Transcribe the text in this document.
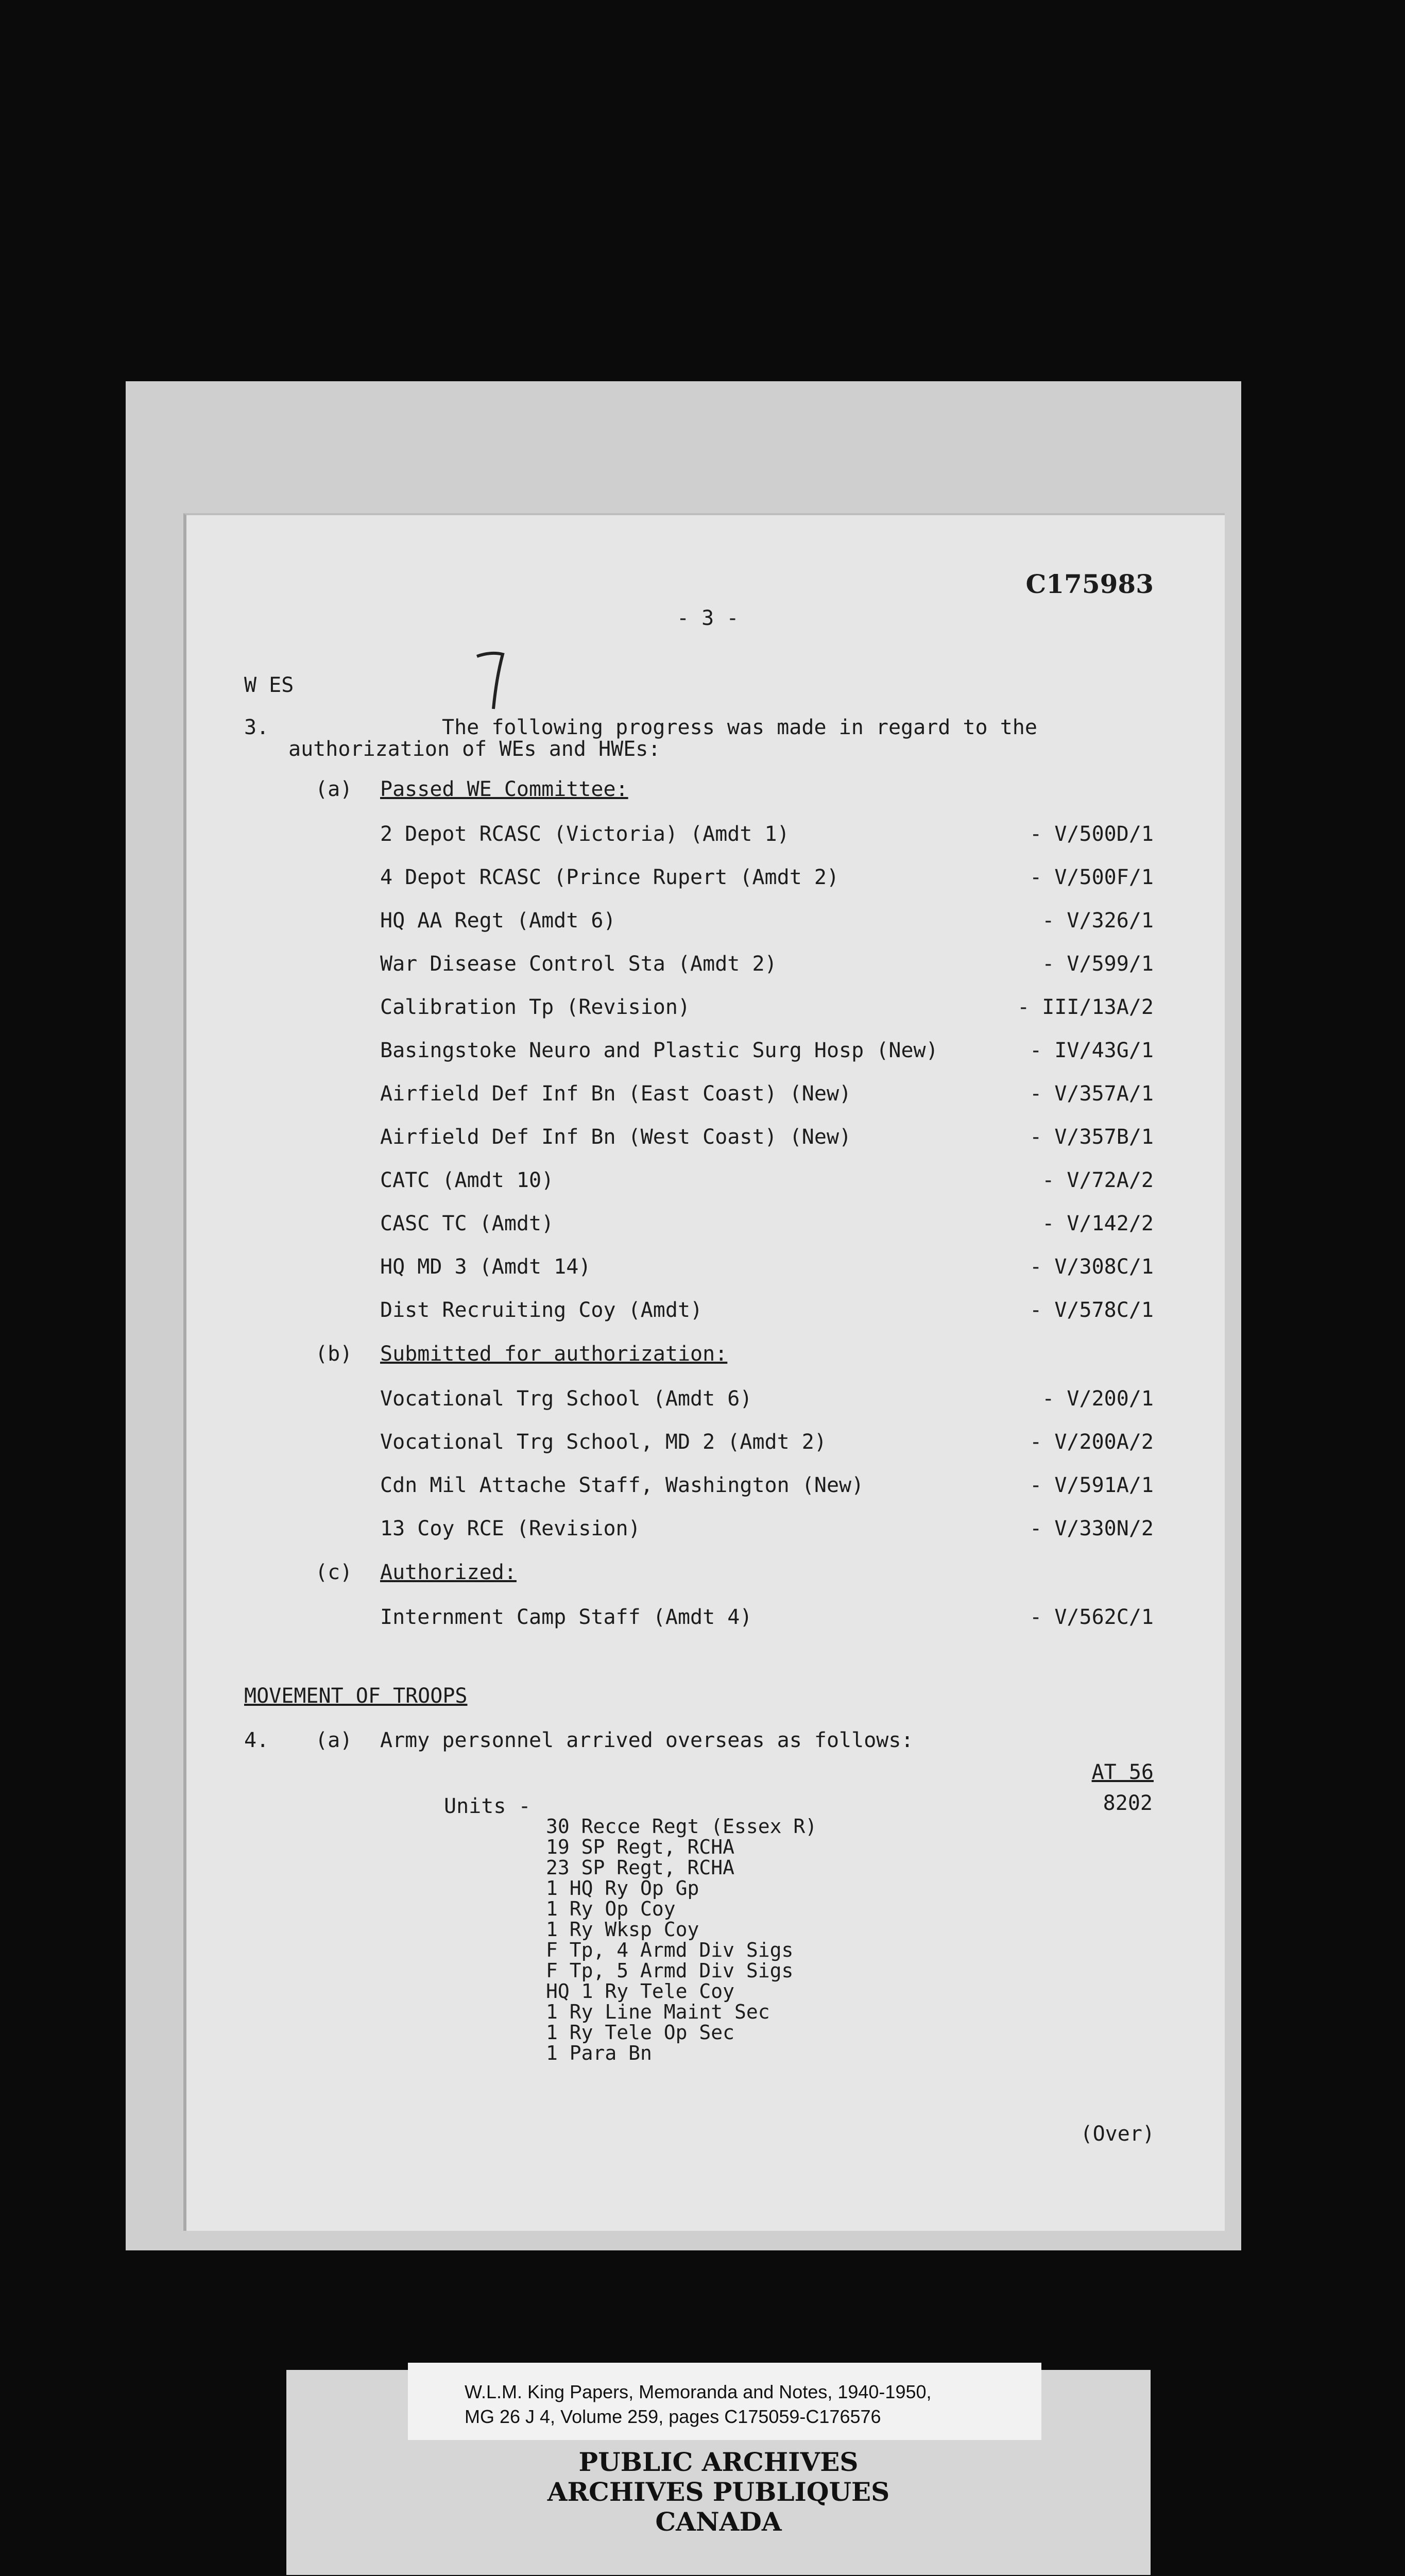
C175983
- 3 -
W ES
3.	The following progress was made in regard to the
authorization of WEs and HWEs:
(a) Passed WE Committee:
2 Depot RCASC (Victoria) (Amdt 1)	- V/500D/1
4 Depot RCASC (Prince Rupert (Amdt 2)	- V/500F/1
HQ AA Regt (Amdt 6)	- V/326/1
War Disease Control Sta (Amdt 2)	- V/599/1
Calibration Tp (Revision)	- III/13A/2
Basingstoke Neuro and Plastic Surg Hosp (New)	- IV/43G/1
Airfield Def Inf Bn (East Coast) (New)	- V/357A/1
Airfield Def Inf Bn (West Coast) (New)	- V/357B/1
CATC (Amdt 10)	- V/72A/2
CASC TC (Amdt)	- V/142/2
HQ MD 3 (Amdt 14)	- V/308C/1
Dist Recruiting Coy (Amdt)	- V/578C/1
(b) Submitted for authorization:
Vocational Trg School (Amdt 6)	- V/200/1
Vocational Trg School, MD 2 (Amdt 2)	- V/200A/2
Cdn Mil Attache Staff, Washington (New)	- V/591A/1
13 Coy RCE (Revision)	- V/330N/2
(c) Authorized:
Internment Camp Staff (Amdt 4)	- V/562C/1
MOVEMENT OF TROOPS
4. (a) Army personnel arrived overseas as follows:
AT 56
8202
Units -
30 Recce Regt (Essex R)
19 SP Regt, RCHA
23 SP Regt, RCHA
1 HQ Ry Op Gp
1 Ry Op Coy
1 Ry Wksp Coy
F Tp, 4 Armd Div Sigs
F Tp, 5 Armd Div Sigs
HQ 1 Ry Tele Coy
1 Ry Line Maint Sec
1 Ry Tele Op Sec
1 Para Bn
(Over)
PUBLIC ARCHIVES
ARCHIVES PUBLIQUES
CANADA
W.L.M. King Papers, Memoranda and Notes, 1940-1950,
MG 26 J 4, Volume 259, pages C175059-C176576
